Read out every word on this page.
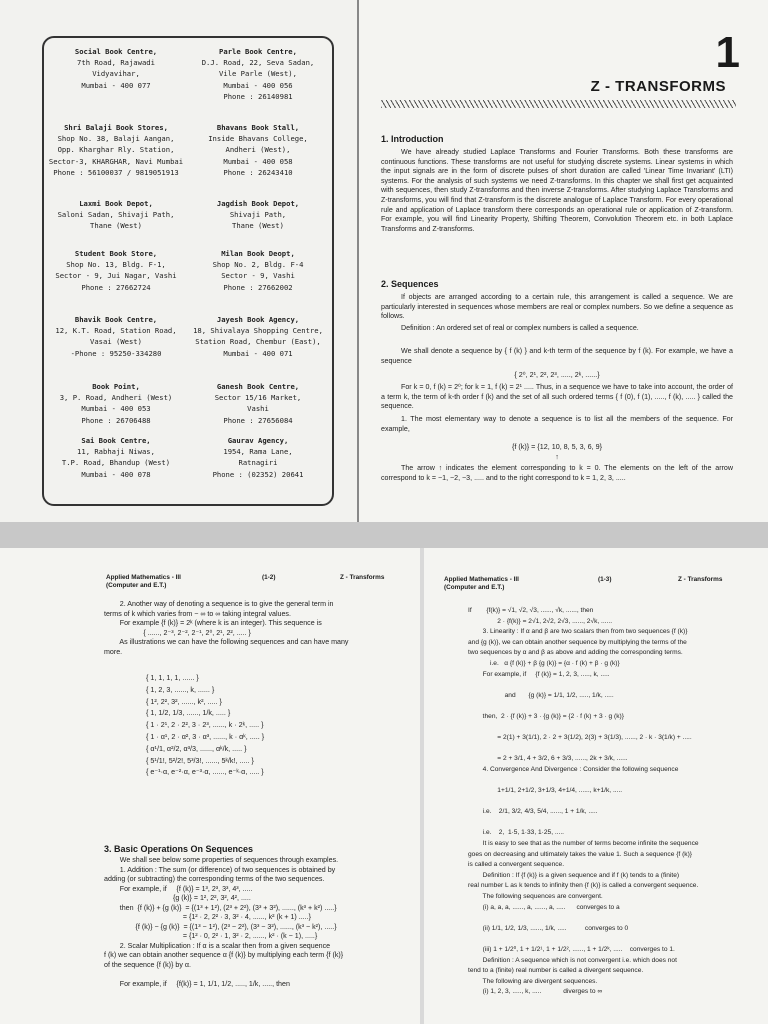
Social Book Centre,
7th Road, Rajawadi
Vidyavihar,
Mumbai - 400 077
Parle Book Centre,
D.J. Road, 22, Seva Sadan,
Vile Parle (West),
Mumbai - 400 056
Phone : 26140981
Shri Balaji Book Stores,
Shop No. 38, Balaji Aangan,
Opp. Kharghar Rly. Station,
Sector-3, KHARGHAR, Navi Mumbai
Phone : 56100037 / 9819051913
Bhavans Book Stall,
Inside Bhavans College,
Andheri (West),
Mumbai - 400 058
Phone : 26243410
Laxmi Book Depot,
Saloni Sadan, Shivaji Path,
Thane (West)
Jagdish Book Depot,
Shivaji Path,
Thane (West)
Student Book Store,
Shop No. 13, Bldg. F-1,
Sector - 9, Jui Nagar, Vashi
Phone : 27662724
Milan Book Deopt,
Shop No. 2, Bldg. F-4
Sector - 9, Vashi
Phone : 27662002
Bhavik Book Centre,
12, K.T. Road, Station Road,
Vasai (West)
-Phone : 95250-334280
Jayesh Book Agency,
18, Shivalaya Shopping Centre,
Station Road, Chembur (East),
Mumbai - 400 071
Book Point,
3, P. Road, Andheri (West)
Mumbai - 400 053
Phone : 26706488
Ganesh Book Centre,
Sector 15/16 Market,
Vashi
Phone : 27656084
Sai Book Centre,
11, Rabhaji Niwas,
T.P. Road, Bhandup (West)
Mumbai - 400 078
Gaurav Agency,
1954, Rama Lane,
Ratnagiri
Phone : (02352) 20641
1
Z - TRANSFORMS
1. Introduction
We have already studied Laplace Transforms and Fourier Transforms. Both these transforms are continuous functions. These transforms are not useful for studying discrete systems. Linear systems in which the input signals are in the form of discrete pulses of short duration are called 'Linear Time Invariant' (LTI) systems. For the analysis of such systems we need Z-transforms. In this chapter we shall first get acquainted with sequences, then study Z-transforms and then inverse Z-transforms. After studying Laplace Transforms and Z-transforms, you will find that Z-transform is the discrete analogue of Laplace Transform. For every operational rule and application of Laplace transform there corresponds an operational rule or application of Z-transform. For example, you will find Linearity Property, Shifting Theorem, Convolution Theorem etc. in both Laplace Transforms and Z-transforms.
2. Sequences
If objects are arranged according to a certain rule, this arrangement is called a sequence. We are particularly interested in sequences whose members are real or complex numbers. So we define a sequence as follows.
Definition : An ordered set of real or complex numbers is called a sequence.
We shall denote a sequence by { f (k) } and k-th term of the sequence by f (k). For example, we have a sequence
{ 2⁰, 2¹, 2², 2³, ....., 2ᵏ, ......}
For k = 0, f (k) = 2⁰; for k = 1, f (k) = 2¹ ..... Thus, in a sequence we have to take into account, the order of a term k, the term of k-th order f (k) and the set of all such ordered terms { f (0), f (1), ....., f (k), ..... } called the sequence.
1. The most elementary way to denote a sequence is to list all the members of the sequence. For example,
{f (k)} = {12, 10, 8, 5, 3, 6, 9}
↑
The arrow ↑ indicates the element corresponding to k = 0. The elements on the left of the arrow correspond to k = −1, −2, −3, ..... and to the right correspond to k = 1, 2, 3, .....
Applied Mathematics - III
(Computer and E.T.)
(1-2)	Z - Transforms
2. Another way of denoting a sequence is to give the general term in
terms of k which varies from − ∞ to ∞ taking integral values.
For example {f (k)} = 2ᵏ (where k is an integer). This sequence is
{ ......, 2⁻³, 2⁻², 2⁻¹, 2⁰, 2¹, 2², ..... }
As illustrations we can have the following sequences and can have many
more.
{ 1, 1, 1, 1, ...... }
{ 1, 2, 3, ......, k, ...... }
{ 1², 2², 3², ......, k², ..... }
{ 1, 1/2, 1/3, ......, 1/k, ..... }
{ 1 · 2¹, 2 · 2², 3 · 2³, ......, k · 2ᵏ, ..... }
{ 1 · α¹, 2 · α², 3 · α³, ......, k · αᵏ, ..... }
{ α¹/1, α²/2, α³/3, ......, αᵏ/k, ..... }
{ 5¹/1!, 5²/2!, 5³/3!, ......, 5ᵏ/k!, ..... }
{ e⁻¹·α, e⁻²·α, e⁻³·α, ......, e⁻ᵏ·α, ..... }
3. Basic Operations On Sequences
We shall see below some properties of sequences through examples.
1. Addition : The sum (or difference) of two sequences is obtained by
adding (or subtracting) the corresponding terms of the two sequences.
For example, if     {f (k)} = 1³, 2³, 3³, 4³, .....
{g (k)} = 1², 2², 3², 4², .....
then  {f (k)} + {g (k)}  = {(1³ + 1²), (2³ + 2²), (3³ + 3²), ......, (k³ + k²) .....}
= {1² · 2, 2² · 3, 3² · 4, ......, k² (k + 1) .....}
{f (k)} − {g (k)}  = {(1³ − 1²), (2³ − 2²), (3³ − 3²), ......, (k³ − k²), .....}
= {1² · 0, 2² · 1, 3² · 2, ......, k² · (k − 1), .....}
2. Scalar Multiplication : If α is a scalar then from a given sequence
f (k) we can obtain another sequence α {f (k)} by multiplying each term {f (k)}
of the sequence {f (k)} by α.
For example, if     {f(k)} = 1, 1/1, 1/2, ....., 1/k, ....., then
Applied Mathematics - III
(Computer and E.T.)
(1-3)	Z - Transforms
If        {f(k)} = √1, √2, √3, ......, √k, ......, then
2 · {f(k)} = 2√1, 2√2, 2√3, ......, 2√k, ......
3. Linearity : If α and β are two scalars then from two sequences {f (k)}
and {g (k)}, we can obtain another sequence by multiplying the terms of the
two sequences by α and β as above and adding the corresponding terms.
i.e.   α {f (k)} + β {g (k)} = {α · f (k) + β · g (k)}
For example, if     {f (k)} = 1, 2, 3, ....., k, .....
and       {g (k)} = 1/1, 1/2, ....., 1/k, .....
then,  2 · {f (k)} + 3 · {g (k)} = {2 · f (k) + 3 · g (k)}
= 2(1) + 3(1/1), 2 · 2 + 3(1/2), 2(3) + 3(1/3), ......, 2 · k · 3(1/k) + .....
= 2 + 3/1, 4 + 3/2, 6 + 3/3, ......, 2k + 3/k, ......
4. Convergence And Divergence : Consider the following sequence
1+1/1, 2+1/2, 3+1/3, 4+1/4, ......, k+1/k, .....
i.e.    2/1, 3/2, 4/3, 5/4, ......, 1 + 1/k, .....
i.e.    2,  1·5, 1·33, 1·25, .....
It is easy to see that as the number of terms become infinite the sequence
goes on decreasing and ultimately takes the value 1. Such a sequence {f (k)}
is called a convergent sequence.
Definition : If {f (k)} is a given sequence and if f (k) tends to a (finite)
real number L as k tends to infinity then {f (k)} is called a convergent sequence.
The following sequences are convergent.
(i) a, a, a, ......, a, ......, a, .....      converges to a
(ii) 1/1, 1/2, 1/3, ......, 1/k, .....          converges to 0
(iii) 1 + 1/2⁰, 1 + 1/2¹, 1 + 1/2², ......, 1 + 1/2ᵏ, .....    converges to 1.
Definition : A sequence which is not convergent i.e. which does not
tend to a (finite) real number is called a divergent sequence.
The following are divergent sequences.
(i) 1, 2, 3, ....., k, .....            diverges to ∞
